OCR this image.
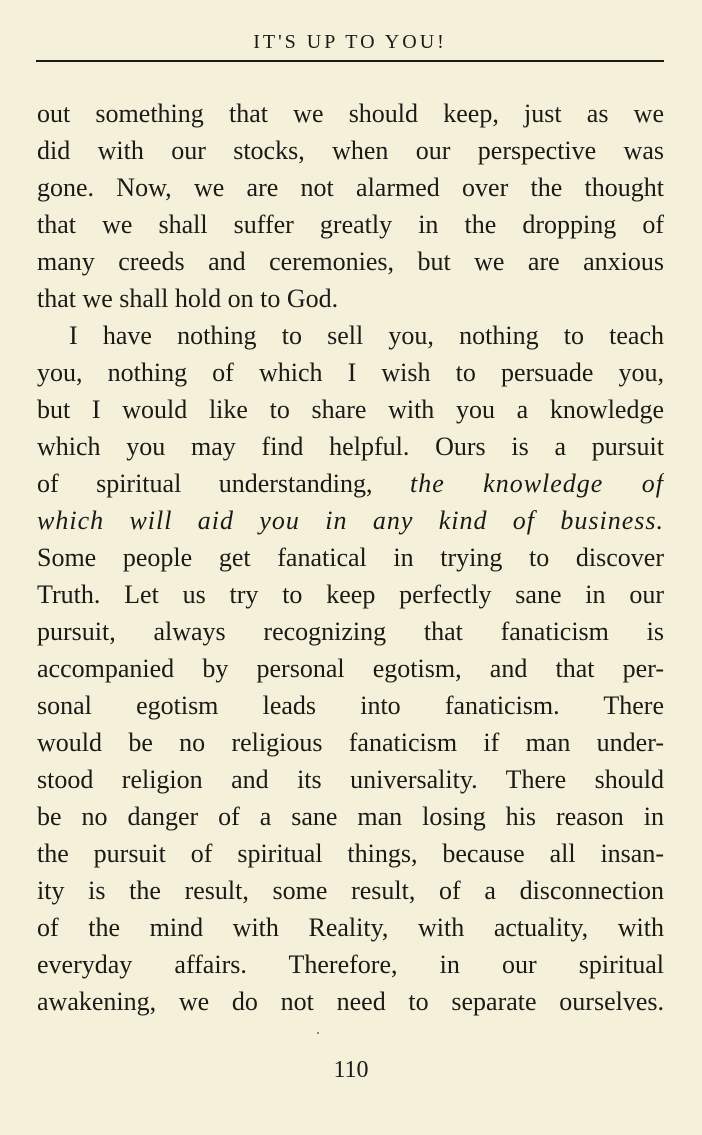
IT'S UP TO YOU!
out something that we should keep, just as we
did with our stocks, when our perspective was
gone. Now, we are not alarmed over the thought
that we shall suffer greatly in the dropping of
many creeds and ceremonies, but we are anxious
that we shall hold on to God.
I have nothing to sell you, nothing to teach
you, nothing of which I wish to persuade you,
but I would like to share with you a knowledge
which you may find helpful. Ours is a pursuit
of spiritual understanding, the knowledge of
which will aid you in any kind of business.
Some people get fanatical in trying to discover
Truth. Let us try to keep perfectly sane in our
pursuit, always recognizing that fanaticism is
accompanied by personal egotism, and that per-
sonal egotism leads into fanaticism. There
would be no religious fanaticism if man under-
stood religion and its universality. There should
be no danger of a sane man losing his reason in
the pursuit of spiritual things, because all insan-
ity is the result, some result, of a disconnection
of the mind with Reality, with actuality, with
everyday affairs. Therefore, in our spiritual
awakening, we do not need to separate ourselves.
110
